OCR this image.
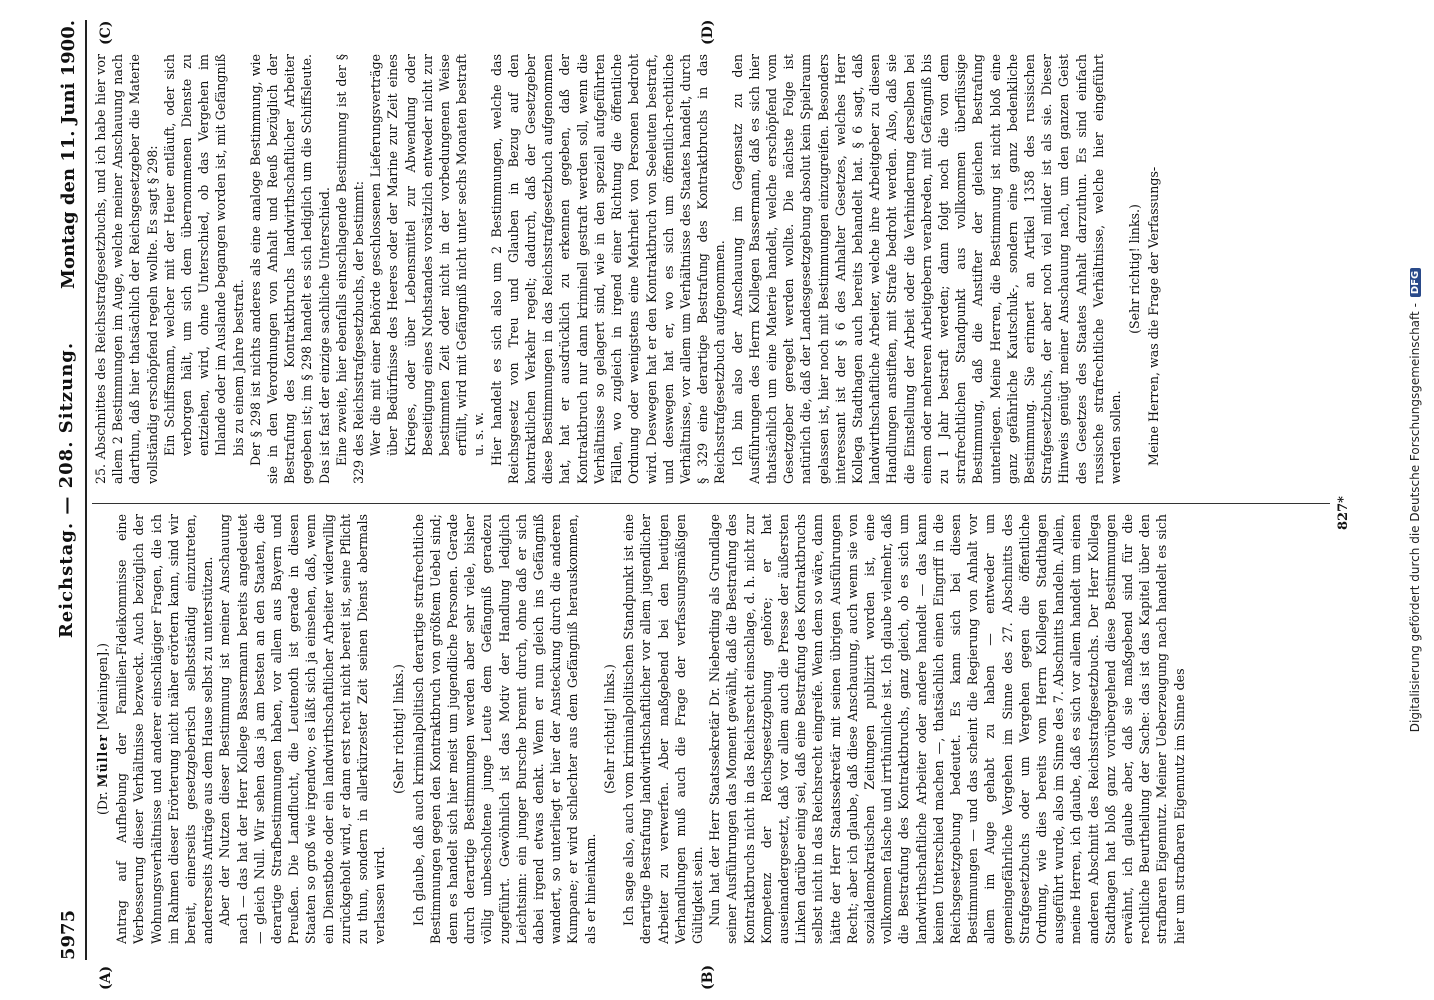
5975
Reichstag. — 208. Sitzung.
Montag den 11. Juni 1900.
(A)	(B)
(C)	(D)

(Dr. Müller [Meiningen].) Antrag auf Aufhebung der Familien-Fideikommisse eine Verbesserung dieser Verhältnisse bezweckt. Auch bezüglich der Wohnungsverhältnisse und anderer einschlägiger Fragen, die ich im Rahmen dieser Erörterung nicht näher erörtern kann, sind wir bereit, einerseits gesetzgeberisch selbstständig einzutreten, andererseits Anträge aus dem Hause selbst zu unterstützen. Aber der Nutzen dieser Bestimmung ist meiner Anschauung nach — das hat der Herr Kollege Bassermann bereits angedeutet — gleich Null. Wir sehen das ja am besten an den Staaten, die derartige Strafbestimmungen haben, vor allem aus Bayern und Preußen. Die Landflucht, die Leutenoth ist gerade in diesen Staaten so groß wie irgendwo; es läßt sich ja einsehen, daß, wenn ein Dienstbote oder ein landwirthschaftlicher Arbeiter widerwillig zurückgeholt wird, er dann erst recht nicht bereit ist, seine Pflicht zu thun, sondern in allerkürzester Zeit seinen Dienst abermals verlassen wird.

(Sehr richtig! links.) Ich glaube, daß auch kriminalpolitisch derartige strafrechtliche Bestimmungen gegen den Kontraktbruch von größtem Uebel sind; denn es handelt sich hier meist um jugendliche Personen. Gerade durch derartige Bestimmungen werden aber sehr viele, bisher völlig unbescholtene junge Leute dem Gefängniß geradezu zugeführt. Gewöhnlich ist das Motiv der Handlung lediglich Leichtsinn: ein junger Bursche brennt durch, ohne daß er sich dabei irgend etwas denkt. Wenn er nun gleich ins Gefängniß wandert, so unterliegt er hier der Ansteckung durch die anderen Kumpane; er wird schlechter aus dem Gefängniß herauskommen, als er hineinkam.

(Sehr richtig! links.) Ich sage also, auch vom kriminalpolitischen Standpunkt ist eine derartige Bestrafung landwirthschaftlicher vor allem jugendlicher Arbeiter zu verwerfen. Aber maßgebend bei den heutigen Verhandlungen muß auch die Frage der verfassungsmäßigen Gültigkeit sein. Nun hat der Herr Staatssekretär Dr. Nieberding als Grundlage seiner Ausführungen das Moment gewählt, daß die Bestrafung des Kontraktbruchs nicht in das Reichsrecht einschlage, d. h. nicht zur Kompetenz der Reichsgesetzgebung gehöre; er hat auseinandergesetzt, daß vor allem auch die Presse der äußersten Linken darüber einig sei, daß eine Bestrafung des Kontraktbruchs selbst nicht in das Reichsrecht eingreife. Wenn dem so wäre, dann hätte der Herr Staatssekretär mit seinen übrigen Ausführungen Recht; aber ich glaube, daß diese Anschauung, auch wenn sie von sozialdemokratischen Zeitungen publizirt worden ist, eine vollkommen falsche und irrthümliche ist. Ich glaube vielmehr, daß die Bestrafung des Kontraktbruchs, ganz gleich, ob es sich um landwirthschaftliche Arbeiter oder andere handelt — das kann keinen Unterschied machen —, thatsächlich einen Eingriff in die Reichsgesetzgebung bedeutet. Es kann sich bei diesen Bestimmungen — und das scheint die Regierung von Anhalt vor allem im Auge gehabt zu haben — entweder um gemeingefährliche Vergehen im Sinne des 27. Abschnitts des Strafgesetzbuchs oder um Vergehen gegen die öffentliche Ordnung, wie dies bereits vom Herrn Kollegen Stadthagen ausgeführt wurde, also im Sinne des 7. Abschnitts handeln. Allein, meine Herren, ich glaube, daß es sich vor allem handelt um einen anderen Abschnitt des Reichsstrafgesetzbuchs. Der Herr Kollega Stadthagen hat bloß ganz vorübergehend diese Bestimmungen erwähnt, ich glaube aber, daß sie maßgebend sind für die rechtliche Beurtheilung der Sache: das ist das Kapitel über den strafbaren Eigennutz. Meiner Ueberzeugung nach handelt es sich hier um strafbaren Eigennutz im Sinne des

25. Abschnittes des Reichsstrafgesetzbuchs, und ich habe hier vor allem 2 Bestimmungen im Auge, welche meiner Anschauung nach darthun, daß hier thatsächlich der Reichsgesetzgeber die Materie vollständig erschöpfend regeln wollte. Es sagt § 298: Ein Schiffsmann, welcher mit der Heuer entläuft, oder sich verborgen hält, um sich dem übernommenen Dienste zu entziehen, wird, ohne Unterschied, ob das Vergehen im Inlande oder im Auslande begangen worden ist, mit Gefängniß bis zu einem Jahre bestraft. Der § 298 ist nichts anderes als eine analoge Bestimmung, wie sie in den Verordnungen von Anhalt und Reuß bezüglich der Bestrafung des Kontraktbruchs landwirthschaftlicher Arbeiter gegeben ist; im § 298 handelt es sich lediglich um die Schiffsleute. Das ist fast der einzige sachliche Unterschied. Eine zweite, hier ebenfalls einschlagende Bestimmung ist der § 329 des Reichsstrafgesetzbuchs, der bestimmt: Wer die mit einer Behörde geschlossenen Lieferungsverträge über Bedürfnisse des Heeres oder der Marine zur Zeit eines Krieges, oder über Lebensmittel zur Abwendung oder Beseitigung eines Nothstandes vorsätzlich entweder nicht zur bestimmten Zeit oder nicht in der vorbedungenen Weise erfüllt, wird mit Gefängniß nicht unter sechs Monaten bestraft u. s. w. Hier handelt es sich also um 2 Bestimmungen, welche das Reichsgesetz von Treu und Glauben in Bezug auf den kontraktlichen Verkehr regelt; dadurch, daß der Gesetzgeber diese Bestimmungen in das Reichsstrafgesetzbuch aufgenommen hat, hat er ausdrücklich zu erkennen gegeben, daß der Kontraktbruch nur dann kriminell gestraft werden soll, wenn die Verhältnisse so gelagert sind, wie in den speziell aufgeführten Fällen, wo zugleich in irgend einer Richtung die öffentliche Ordnung oder wenigstens eine Mehrheit von Personen bedroht wird. Deswegen hat er den Kontraktbruch von Seeleuten bestraft, und deswegen hat er, wo es sich um öffentlich-rechtliche Verhältnisse, vor allem um Verhältnisse des Staates handelt, durch § 329 eine derartige Bestrafung des Kontraktbruchs in das Reichsstrafgesetzbuch aufgenommen. Ich bin also der Anschauung im Gegensatz zu den Ausführungen des Herrn Kollegen Bassermann, daß es sich hier thatsächlich um eine Materie handelt, welche erschöpfend vom Gesetzgeber geregelt werden wollte. Die nächste Folge ist natürlich die, daß der Landesgesetzgebung absolut kein Spielraum gelassen ist, hier noch mit Bestimmungen einzugreifen. Besonders interessant ist der § 6 des Anhalter Gesetzes, welches Herr Kollega Stadthagen auch bereits behandelt hat. § 6 sagt, daß landwirthschaftliche Arbeiter, welche ihre Arbeitgeber zu diesen Handlungen anstiften, mit Strafe bedroht werden. Also, daß sie die Einstellung der Arbeit oder die Verhinderung derselben bei einem oder mehreren Arbeitgebern verabreden, mit Gefängniß bis zu 1 Jahr bestraft werden; dann folgt noch die von dem strafrechtlichen Standpunkt aus vollkommen überflüssige Bestimmung, daß die Anstifter der gleichen Bestrafung unterliegen. Meine Herren, die Bestimmung ist nicht bloß eine ganz gefährliche Kautschuk-, sondern eine ganz bedenkliche Bestimmung. Sie erinnert an Artikel 1358 des russischen Strafgesetzbuchs, der aber noch viel milder ist als sie. Dieser Hinweis genügt meiner Anschauung nach, um den ganzen Geist des Gesetzes des Staates Anhalt darzuthun. Es sind einfach russische strafrechtliche Verhältnisse, welche hier eingeführt werden sollen.

(Sehr richtig! links.) Meine Herren, was die Frage der Verfassungs-

827*	Digitalisierung gefördert durch die Deutsche Forschungsgemeinschaft -DFG
